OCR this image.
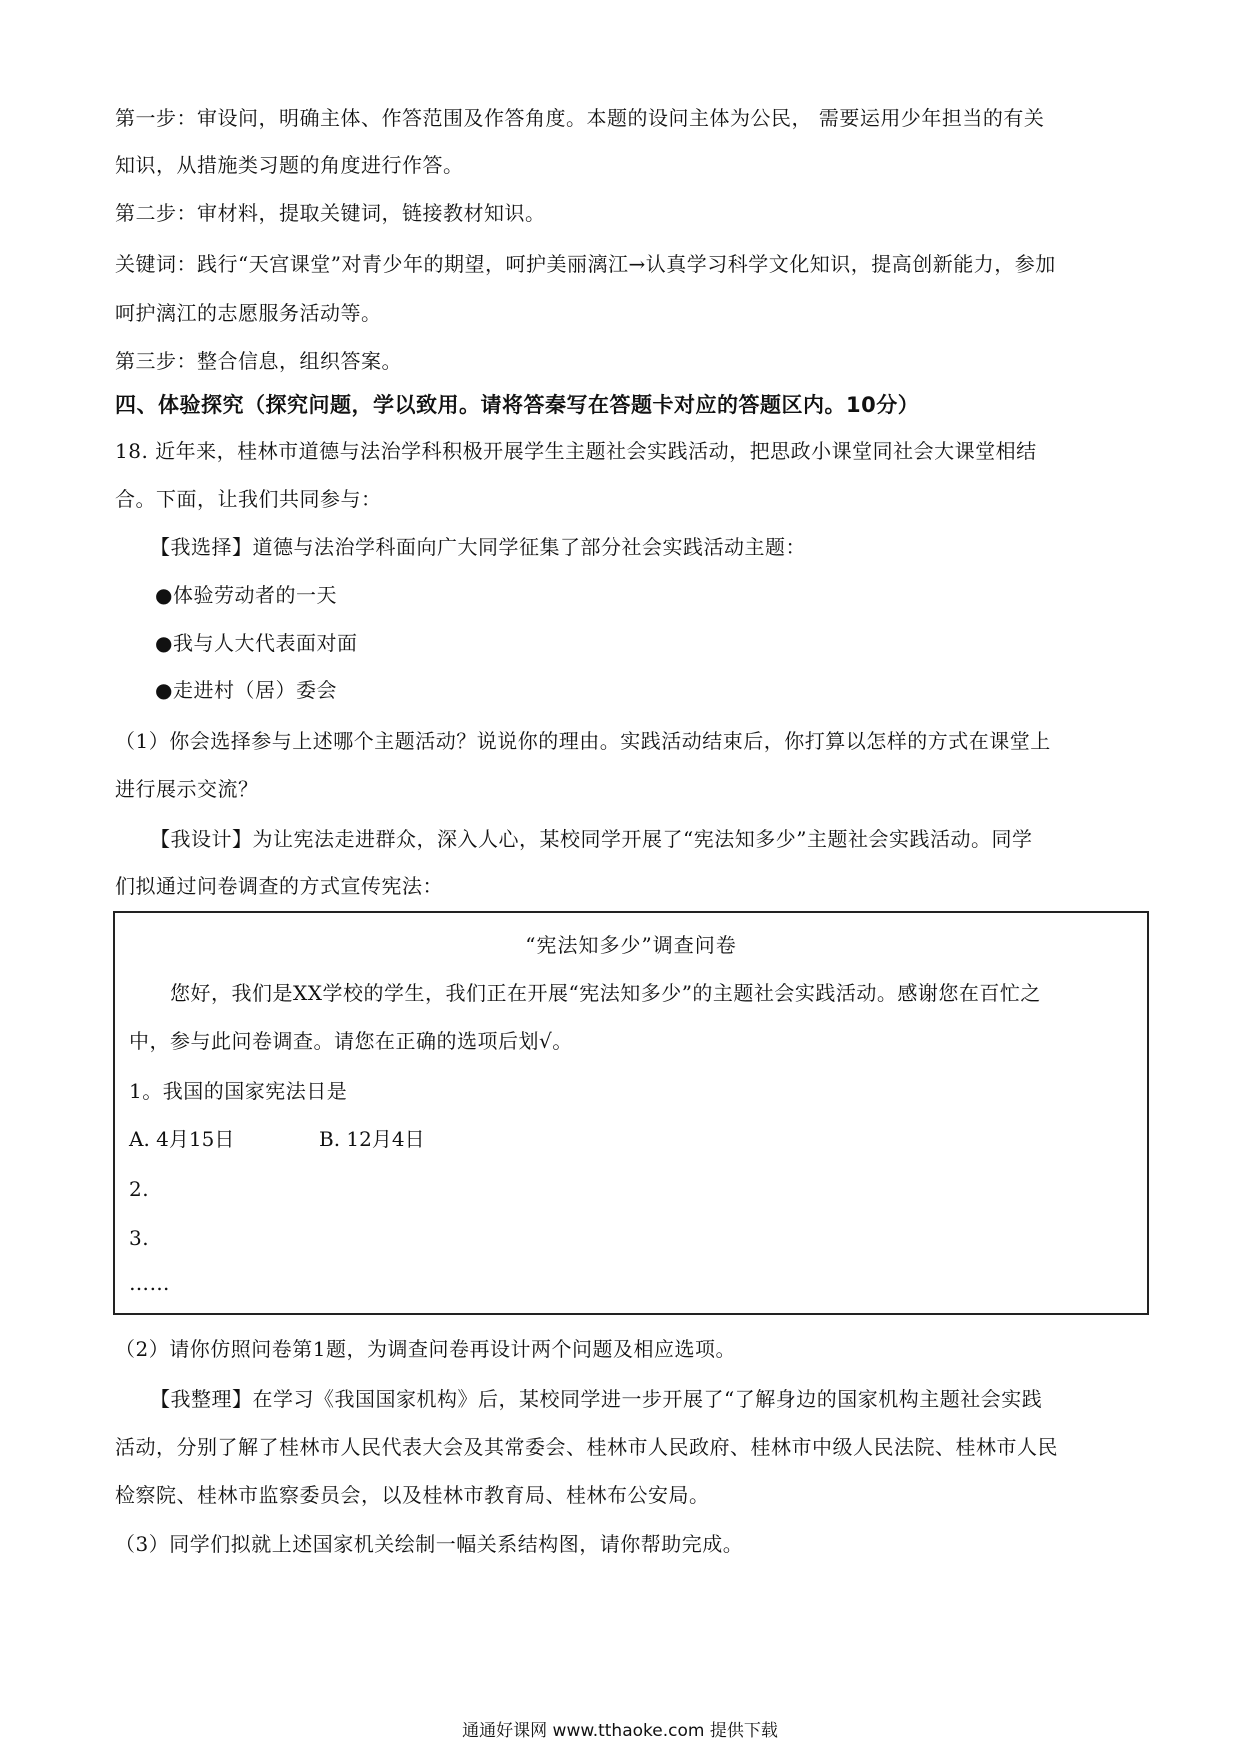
第一步：审设问，明确主体、作答范围及作答角度。本题的设问主体为公民， 需要运用少年担当的有关
知识，从措施类习题的角度进行作答。
第二步：审材料，提取关键词，链接教材知识。
关键词：践行“天宫课堂”对青少年的期望，呵护美丽漓江→认真学习科学文化知识，提高创新能力，参加
呵护漓江的志愿服务活动等。
第三步：整合信息，组织答案。
四、体验探究（探究问题，学以致用。请将答秦写在答题卡对应的答题区内。10分）
18. 近年来，桂林市道德与法治学科积极开展学生主题社会实践活动，把思政小课堂同社会大课堂相结
合。下面，让我们共同参与：
【我选择】道德与法治学科面向广大同学征集了部分社会实践活动主题：
●体验劳动者的一天
●我与人大代表面对面
●走进村（居）委会
（1）你会选择参与上述哪个主题活动？说说你的理由。实践活动结束后，你打算以怎样的方式在课堂上
进行展示交流？
【我设计】为让宪法走进群众，深入人心，某校同学开展了“宪法知多少”主题社会实践活动。同学
们拟通过问卷调查的方式宣传宪法：
“宪法知多少”调查问卷
您好，我们是XX学校的学生，我们正在开展“宪法知多少”的主题社会实践活动。感谢您在百忙之
中，参与此问卷调查。请您在正确的选项后划√。
1。我国的国家宪法日是
A. 4月15日	B. 12月4日
2.
3.
……
（2）请你仿照问卷第1题，为调查问卷再设计两个问题及相应选项。
【我整理】在学习《我国国家机构》后，某校同学进一步开展了“了解身边的国家机构主题社会实践
活动，分别了解了桂林市人民代表大会及其常委会、桂林市人民政府、桂林市中级人民法院、桂林市人民
检察院、桂林市监察委员会，以及桂林市教育局、桂林布公安局。
（3）同学们拟就上述国家机关绘制一幅关系结构图，请你帮助完成。
通通好课网 www.tthaoke.com 提供下载
